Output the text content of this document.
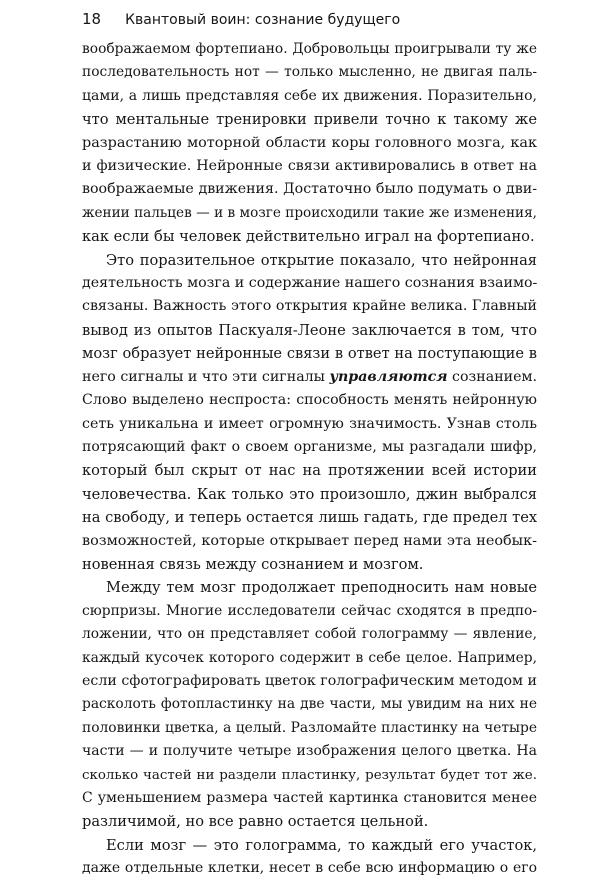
18 Квантовый воин: сознание будущего
воображаемом фортепиано. Добровольцы проигрывали ту же
последовательность нот — только мысленно, не двигая паль-
цами, а лишь представляя себе их движения. Поразительно,
что ментальные тренировки привели точно к такому же
разрастанию моторной области коры головного мозга, как
и физические. Нейронные связи активировались в ответ на
воображаемые движения. Достаточно было подумать о дви-
жении пальцев — и в мозге происходили такие же изменения,
как если бы человек действительно играл на фортепиано.
Это поразительное открытие показало, что нейронная
деятельность мозга и содержание нашего сознания взаимо-
связаны. Важность этого открытия крайне велика. Главный
вывод из опытов Паскуаля-Леоне заключается в том, что
мозг образует нейронные связи в ответ на поступающие в
него сигналы и что эти сигналы управляются сознанием.
Слово выделено неспроста: способность менять нейронную
сеть уникальна и имеет огромную значимость. Узнав столь
потрясающий факт о своем организме, мы разгадали шифр,
который был скрыт от нас на протяжении всей истории
человечества. Как только это произошло, джин выбрался
на свободу, и теперь остается лишь гадать, где предел тех
возможностей, которые открывает перед нами эта необык-
новенная связь между сознанием и мозгом.
Между тем мозг продолжает преподносить нам новые
сюрпризы. Многие исследователи сейчас сходятся в предпо-
ложении, что он представляет собой голограмму — явление,
каждый кусочек которого содержит в себе целое. Например,
если сфотографировать цветок голографическим методом и
расколоть фотопластинку на две части, мы увидим на них не
половинки цветка, а целый. Разломайте пластинку на четыре
части — и получите четыре изображения целого цветка. На
сколько частей ни раздели пластинку, результат будет тот же.
С уменьшением размера частей картинка становится менее
различимой, но все равно остается цельной.
Если мозг — это голограмма, то каждый его участок,
даже отдельные клетки, несет в себе всю информацию о его
